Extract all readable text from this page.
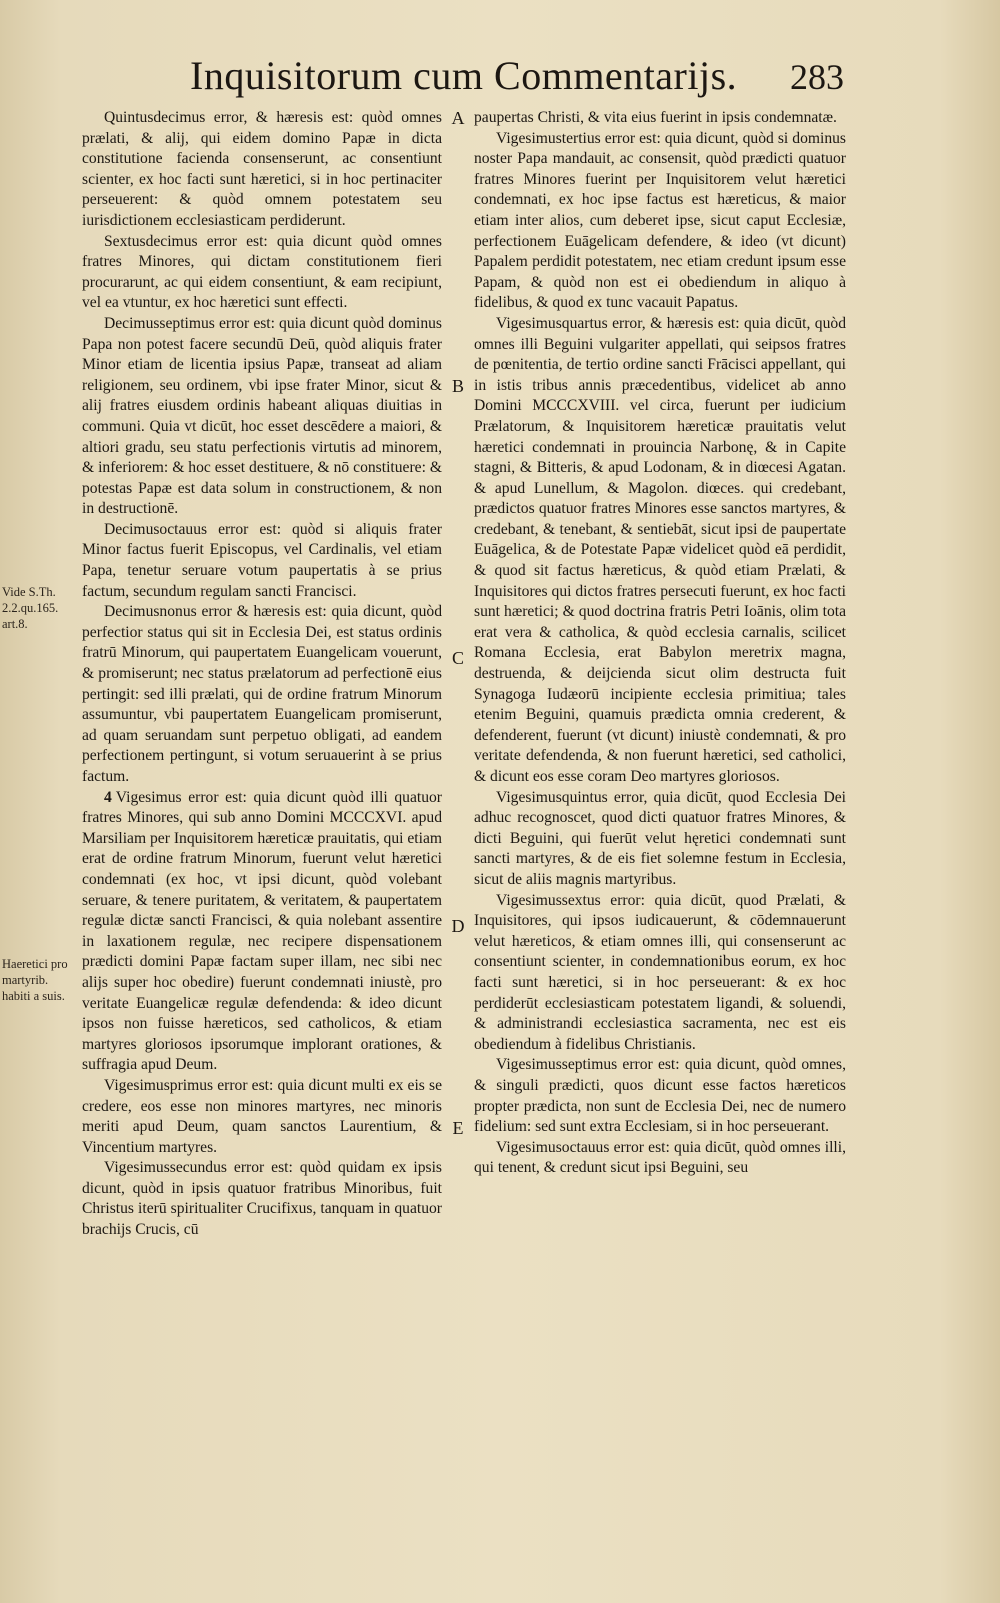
Inquisitorum cum Commentarijs. 283

Quintusdecimus error, & hæresis est: quòd omnes prælati, & alij, qui eidem domino Papæ in dicta constitutione facienda consenserunt, ac consentiunt scienter, ex hoc facti sunt hæretici, si in hoc pertinaciter perseuerent: & quòd omnem potestatem seu iurisdictionem ecclesiasticam perdiderunt.

Sextusdecimus error est: quia dicunt quòd omnes fratres Minores, qui dictam constitutionem fieri procurarunt, ac qui eidem consentiunt, & eam recipiunt, vel ea vtuntur, ex hoc hæretici sunt effecti.

Decimusseptimus error est: quia dicunt quòd dominus Papa non potest facere secundū Deū, quòd aliquis frater Minor etiam de licentia ipsius Papæ, transeat ad aliam religionem, seu ordinem, vbi ipse frater Minor, sicut & alij fratres eiusdem ordinis habeant aliquas diuitias in communi. Quia vt dicūt, hoc esset descēdere a maiori, & altiori gradu, seu statu perfectionis virtutis ad minorem, & inferiorem: & hoc esset destituere, & nō constituere: & potestas Papæ est data solum in constructionem, & non in destructionē.

Decimusoctauus error est: quòd si aliquis frater Minor factus fuerit Episcopus, vel Cardinalis, vel etiam Papa, tenetur seruare votum paupertatis à se prius factum, secundum regulam sancti Francisci.

Decimusnonus error & hæresis est: quia dicunt, quòd perfectior status qui sit in Ecclesia Dei, est status ordinis fratrū Minorum, qui paupertatem Euangelicam vouerunt, & promiserunt; nec status prælatorum ad perfectionē eius pertingit: sed illi prælati, qui de ordine fratrum Minorum assumuntur, vbi paupertatem Euangelicam promiserunt, ad quam seruandam sunt perpetuo obligati, ad eandem perfectionem pertingunt, si votum seruauerint à se prius factum.

4 Vigesimus error est: quia dicunt quòd illi quatuor fratres Minores, qui sub anno Domini MCCCXVI. apud Marsiliam per Inquisitorem hæreticæ prauitatis, qui etiam erat de ordine fratrum Minorum, fuerunt velut hæretici condemnati (ex hoc, vt ipsi dicunt, quòd volebant seruare, & tenere puritatem, & veritatem, & paupertatem regulæ dictæ sancti Francisci, & quia nolebant assentire in laxationem regulæ, nec recipere dispensationem prædicti domini Papæ factam super illam, nec sibi nec alijs super hoc obedire) fuerunt condemnati iniustè, pro veritate Euangelicæ regulæ defendenda: & ideo dicunt ipsos non fuisse hæreticos, sed catholicos, & etiam martyres gloriosos ipsorumque implorant orationes, & suffragia apud Deum.

Vigesimusprimus error est: quia dicunt multi ex eis se credere, eos esse non minores martyres, nec minoris meriti apud Deum, quam sanctos Laurentium, & Vincentium martyres.

Vigesimussecundus error est: quòd quidam ex ipsis dicunt, quòd in ipsis quatuor fratribus Minoribus, fuit Christus iterū spiritualiter Crucifixus, tanquam in quatuor brachijs Crucis, cū

A
B
C
D
E

paupertas Christi, & vita eius fuerint in ipsis condemnatæ.

Vigesimustertius error est: quia dicunt, quòd si dominus noster Papa mandauit, ac consensit, quòd prædicti quatuor fratres Minores fuerint per Inquisitorem velut hæretici condemnati, ex hoc ipse factus est hæreticus, & maior etiam inter alios, cum deberet ipse, sicut caput Ecclesiæ, perfectionem Euāgelicam defendere, & ideo (vt dicunt) Papalem perdidit potestatem, nec etiam credunt ipsum esse Papam, & quòd non est ei obediendum in aliquo à fidelibus, & quod ex tunc vacauit Papatus.

Vigesimusquartus error, & hæresis est: quia dicūt, quòd omnes illi Beguini vulgariter appellati, qui seipsos fratres de pœnitentia, de tertio ordine sancti Frācisci appellant, qui in istis tribus annis præcedentibus, videlicet ab anno Domini MCCCXVIII. vel circa, fuerunt per iudicium Prælatorum, & Inquisitorem hæreticæ prauitatis velut hæretici condemnati in prouincia Narbonę, & in Capite stagni, & Bitteris, & apud Lodonam, & in diœcesi Agatan. & apud Lunellum, & Magolon. diœces. qui credebant, prædictos quatuor fratres Minores esse sanctos martyres, & credebant, & tenebant, & sentiebāt, sicut ipsi de paupertate Euāgelica, & de Potestate Papæ videlicet quòd eā perdidit, & quod sit factus hæreticus, & quòd etiam Prælati, & Inquisitores qui dictos fratres persecuti fuerunt, ex hoc facti sunt hæretici; & quod doctrina fratris Petri Ioānis, olim tota erat vera & catholica, & quòd ecclesia carnalis, scilicet Romana Ecclesia, erat Babylon meretrix magna, destruenda, & deijcienda sicut olim destructa fuit Synagoga Iudæorū incipiente ecclesia primitiua; tales etenim Beguini, quamuis prædicta omnia crederent, & defenderent, fuerunt (vt dicunt) iniustè condemnati, & pro veritate defendenda, & non fuerunt hæretici, sed catholici, & dicunt eos esse coram Deo martyres gloriosos.

Vigesimusquintus error, quia dicūt, quod Ecclesia Dei adhuc recognoscet, quod dicti quatuor fratres Minores, & dicti Beguini, qui fuerūt velut hęretici condemnati sunt sancti martyres, & de eis fiet solemne festum in Ecclesia, sicut de aliis magnis martyribus.

Vigesimussextus error: quia dicūt, quod Prælati, & Inquisitores, qui ipsos iudicauerunt, & cōdemnauerunt velut hæreticos, & etiam omnes illi, qui consenserunt ac consentiunt scienter, in condemnationibus eorum, ex hoc facti sunt hæretici, si in hoc perseuerant: & ex hoc perdiderūt ecclesiasticam potestatem ligandi, & soluendi, & administrandi ecclesiastica sacramenta, nec est eis obediendum à fidelibus Christianis.

Vigesimusseptimus error est: quia dicunt, quòd omnes, & singuli prædicti, quos dicunt esse factos hæreticos propter prædicta, non sunt de Ecclesia Dei, nec de numero fidelium: sed sunt extra Ecclesiam, si in hoc perseuerant.

Vigesimusoctauus error est: quia dicūt, quòd omnes illi, qui tenent, & credunt sicut ipsi Beguini, seu

Vide S.Th. 2.2.qu.165. art.8.
Haeretici pro martyrib. habiti a suis.
